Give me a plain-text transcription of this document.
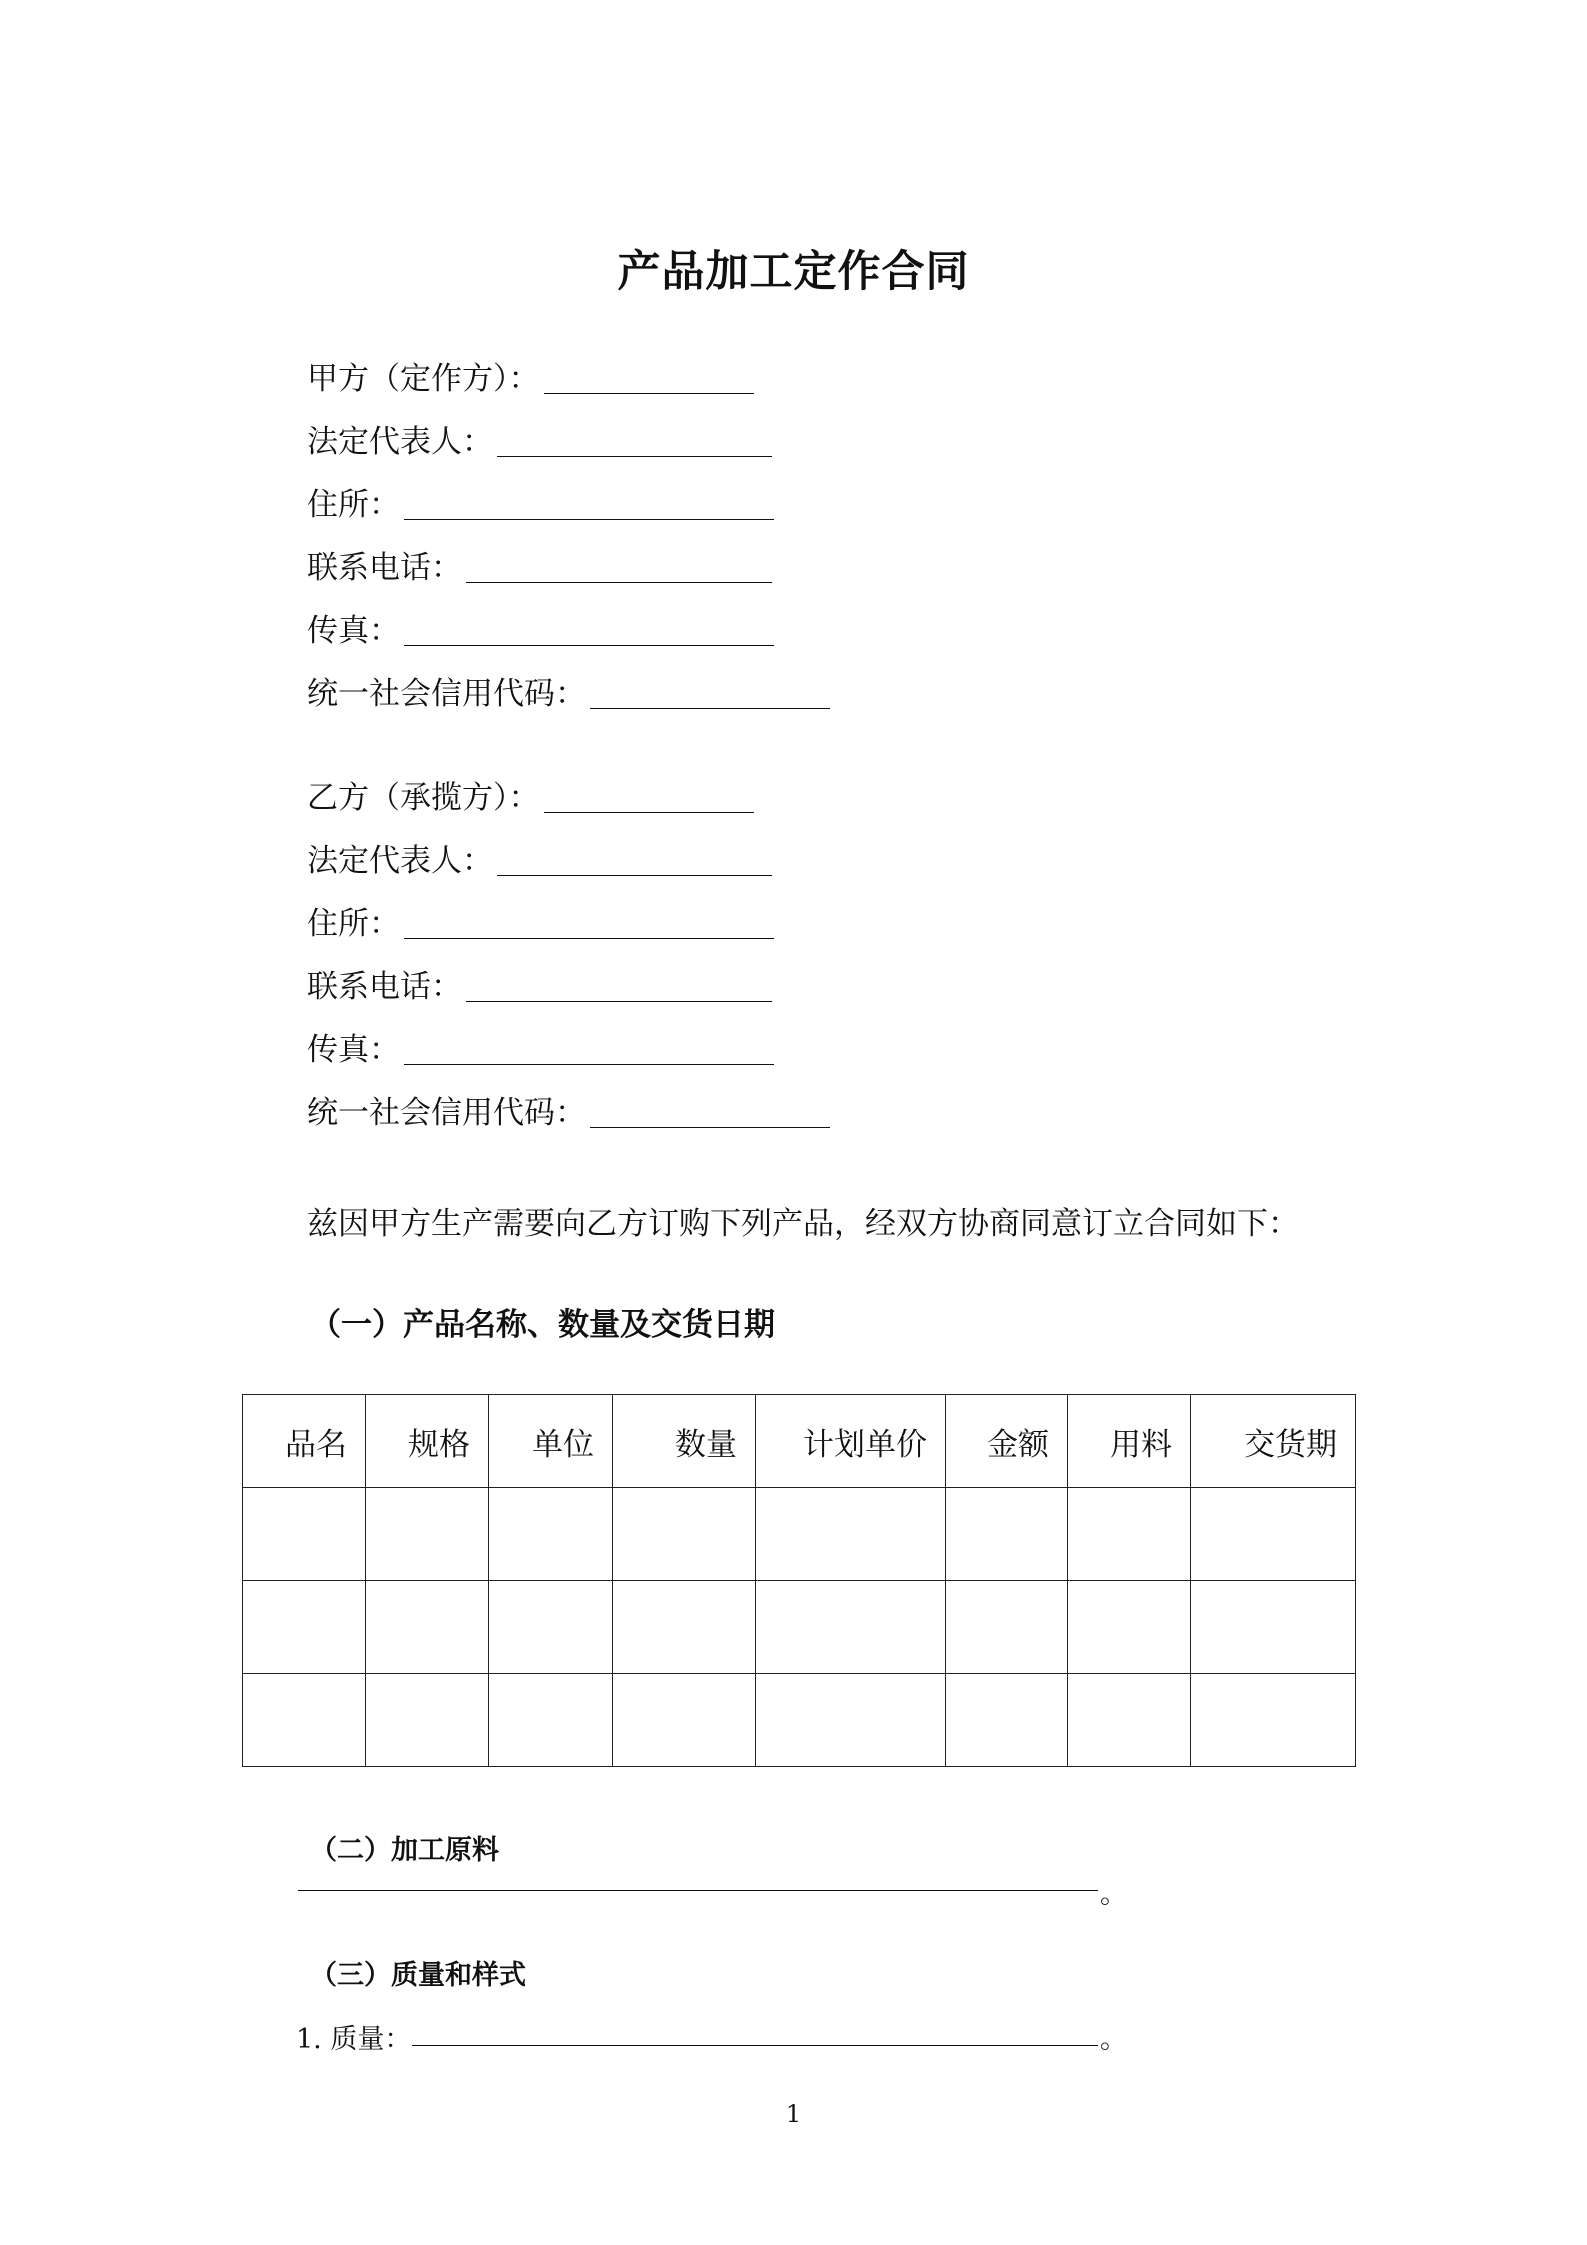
产品加工定作合同
甲方（定作方）：
法定代表人：
住所：
联系电话：
传真：
统一社会信用代码：
乙方（承揽方）：
法定代表人：
住所：
联系电话：
传真：
统一社会信用代码：
兹因甲方生产需要向乙方订购下列产品，经双方协商同意订立合同如下：
（一）产品名称、数量及交货日期
品名	规格	单位	数量	计划单价	金额	用料	交货期

（二）加工原料
。
（三）质量和样式
1. 质量：	。
1
